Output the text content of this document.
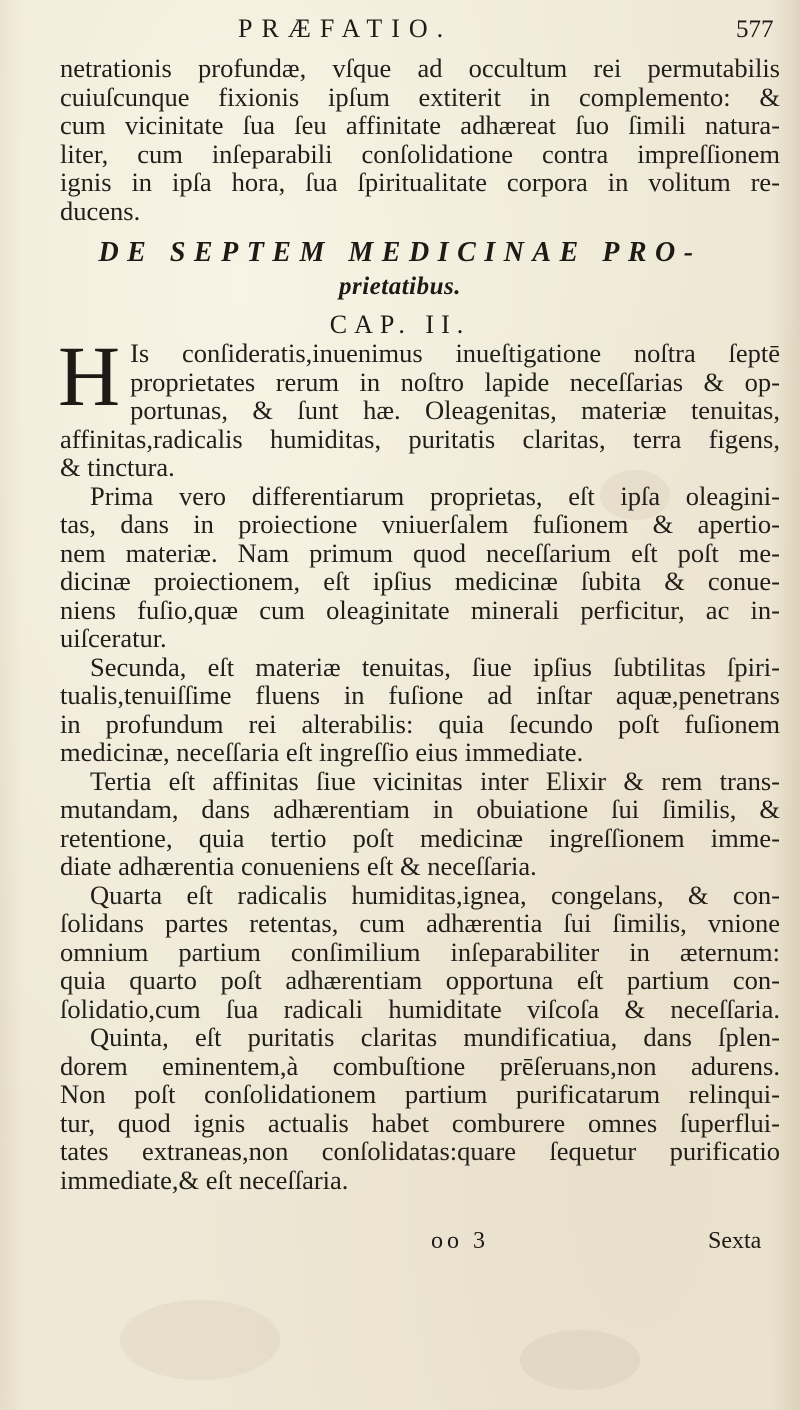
PRÆFATIO.	577
netrationis profundæ, vſque ad occultum rei permutabilis
cuiuſcunque fixionis ipſum extiterit in complemento: &
cum vicinitate ſua ſeu affinitate adhæreat ſuo ſimili natura-
liter, cum inſeparabili conſolidatione contra impreſſionem
ignis in ipſa hora, ſua ſpiritualitate corpora in volitum re-
ducens.
DE SEPTEM MEDICINAE PRO-
prietatibus.
CAP. II.
H Is conſideratis,inuenimus inueſtigatione noſtra ſeptē
proprietates rerum in noſtro lapide neceſſarias & op-
portunas, & ſunt hæ. Oleagenitas, materiæ tenuitas,
affinitas,radicalis humiditas, puritatis claritas, terra figens,
& tinctura.
Prima vero differentiarum proprietas, eſt ipſa oleagini-
tas, dans in proiectione vniuerſalem fuſionem & apertio-
nem materiæ. Nam primum quod neceſſarium eſt poſt me-
dicinæ proiectionem, eſt ipſius medicinæ ſubita & conue-
niens fuſio,quæ cum oleaginitate minerali perficitur, ac in-
uiſceratur.
Secunda, eſt materiæ tenuitas, ſiue ipſius ſubtilitas ſpiri-
tualis,tenuiſſime fluens in fuſione ad inſtar aquæ,penetrans
in profundum rei alterabilis: quia ſecundo poſt fuſionem
medicinæ, neceſſaria eſt ingreſſio eius immediate.
Tertia eſt affinitas ſiue vicinitas inter Elixir & rem trans-
mutandam, dans adhærentiam in obuiatione ſui ſimilis, &
retentione, quia tertio poſt medicinæ ingreſſionem imme-
diate adhærentia conueniens eſt & neceſſaria.
Quarta eſt radicalis humiditas,ignea, congelans, & con-
ſolidans partes retentas, cum adhærentia ſui ſimilis, vnione
omnium partium conſimilium inſeparabiliter in æternum:
quia quarto poſt adhærentiam opportuna eſt partium con-
ſolidatio,cum ſua radicali humiditate viſcoſa & neceſſaria.
Quinta, eſt puritatis claritas mundificatiua, dans ſplen-
dorem eminentem,à combuſtione prēſeruans,non adurens.
Non poſt conſolidationem partium purificatarum relinqui-
tur, quod ignis actualis habet comburere omnes ſuperflui-
tates extraneas,non conſolidatas:quare ſequetur purificatio
immediate,& eſt neceſſaria.
oo 3	Sexta
